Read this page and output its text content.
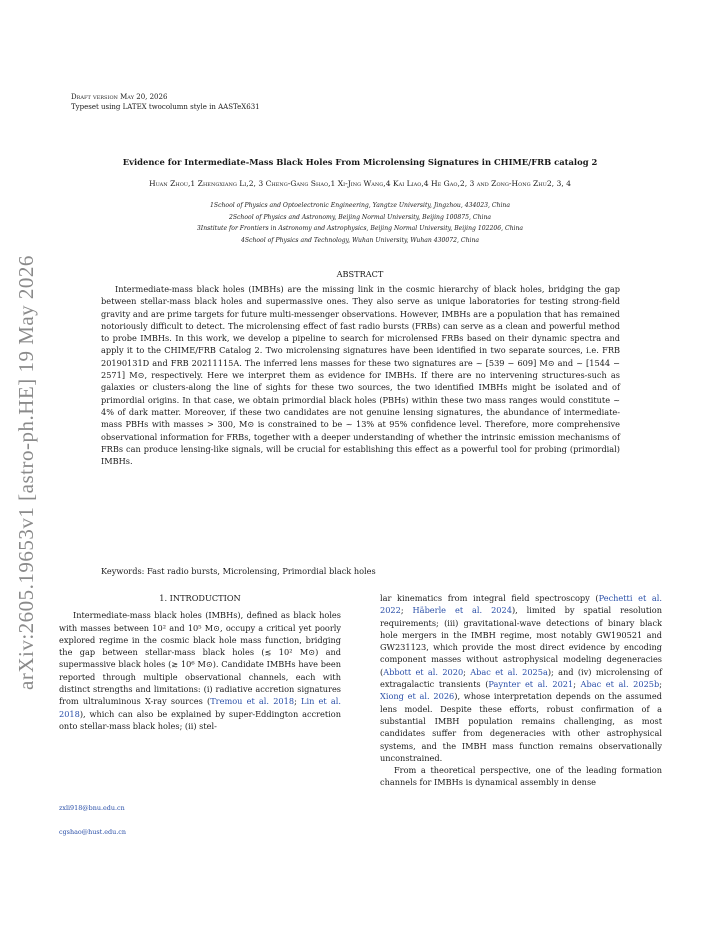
arXiv:2605.19653v1 [astro-ph.HE] 19 May 2026
Draft version May 20, 2026
Typeset using LATEX twocolumn style in AASTeX631
Evidence for Intermediate-Mass Black Holes From Microlensing Signatures in CHIME/FRB catalog 2
Huan Zhou,1 Zhengxiang Li,2, 3 Cheng-Gang Shao,1 Xi-Jing Wang,4 Kai Liao,4 He Gao,2, 3 and Zong-Hong Zhu2, 3, 4
1School of Physics and Optoelectronic Engineering, Yangtze University, Jingzhou, 434023, China
2School of Physics and Astronomy, Beijing Normal University, Beijing 100875, China
3Institute for Frontiers in Astronomy and Astrophysics, Beijing Normal University, Beijing 102206, China
4School of Physics and Technology, Wuhan University, Wuhan 430072, China
ABSTRACT
Intermediate-mass black holes (IMBHs) are the missing link in the cosmic hierarchy of black holes, bridging the gap between stellar-mass black holes and supermassive ones. They also serve as unique laboratories for testing strong-field gravity and are prime targets for future multi-messenger observations. However, IMBHs are a population that has remained notoriously difficult to detect. The microlensing effect of fast radio bursts (FRBs) can serve as a clean and powerful method to probe IMBHs. In this work, we develop a pipeline to search for microlensed FRBs based on their dynamic spectra and apply it to the CHIME/FRB Catalog 2. Two microlensing signatures have been identified in two separate sources, i.e. FRB 20190131D and FRB 20211115A. The inferred lens masses for these two signatures are ~ [539 − 609] M⊙ and ~ [1544 − 2571] M⊙, respectively. Here we interpret them as evidence for IMBHs. If there are no intervening structures-such as galaxies or clusters-along the line of sights for these two sources, the two identified IMBHs might be isolated and of primordial origins. In that case, we obtain primordial black holes (PBHs) within these two mass ranges would constitute ~ 4% of dark matter. Moreover, if these two candidates are not genuine lensing signatures, the abundance of intermediate-mass PBHs with masses > 300, M⊙ is constrained to be ~ 13% at 95% confidence level. Therefore, more comprehensive observational information for FRBs, together with a deeper understanding of whether the intrinsic emission mechanisms of FRBs can produce lensing-like signals, will be crucial for establishing this effect as a powerful tool for probing (primordial) IMBHs.
Keywords: Fast radio bursts, Microlensing, Primordial black holes
1. INTRODUCTION

Intermediate-mass black holes (IMBHs), defined as black holes with masses between 10² and 10⁵ M⊙, occupy a critical yet poorly explored regime in the cosmic black hole mass function, bridging the gap between stellar-mass black holes (≲ 10² M⊙) and supermassive black holes (≳ 10⁶ M⊙). Candidate IMBHs have been reported through multiple observational channels, each with distinct strengths and limitations: (i) radiative accretion signatures from ultraluminous X-ray sources (Tremou et al. 2018; Lin et al. 2018), which can also be explained by super-Eddington accretion onto stellar-mass black holes; (ii) stel-

lar kinematics from integral field spectroscopy (Pechetti et al. 2022; Häberle et al. 2024), limited by spatial resolution requirements; (iii) gravitational-wave detections of binary black hole mergers in the IMBH regime, most notably GW190521 and GW231123, which provide the most direct evidence by encoding component masses without astrophysical modeling degeneracies (Abbott et al. 2020; Abac et al. 2025a); and (iv) microlensing of extragalactic transients (Paynter et al. 2021; Abac et al. 2025b; Xiong et al. 2026), whose interpretation depends on the assumed lens model. Despite these efforts, robust confirmation of a substantial IMBH population remains challenging, as most candidates suffer from degeneracies with other astrophysical systems, and the IMBH mass function remains observationally unconstrained.

From a theoretical perspective, one of the leading formation channels for IMBHs is dynamical assembly in dense

zxli918@bnu.edu.cn
cgshao@hust.edu.cn
